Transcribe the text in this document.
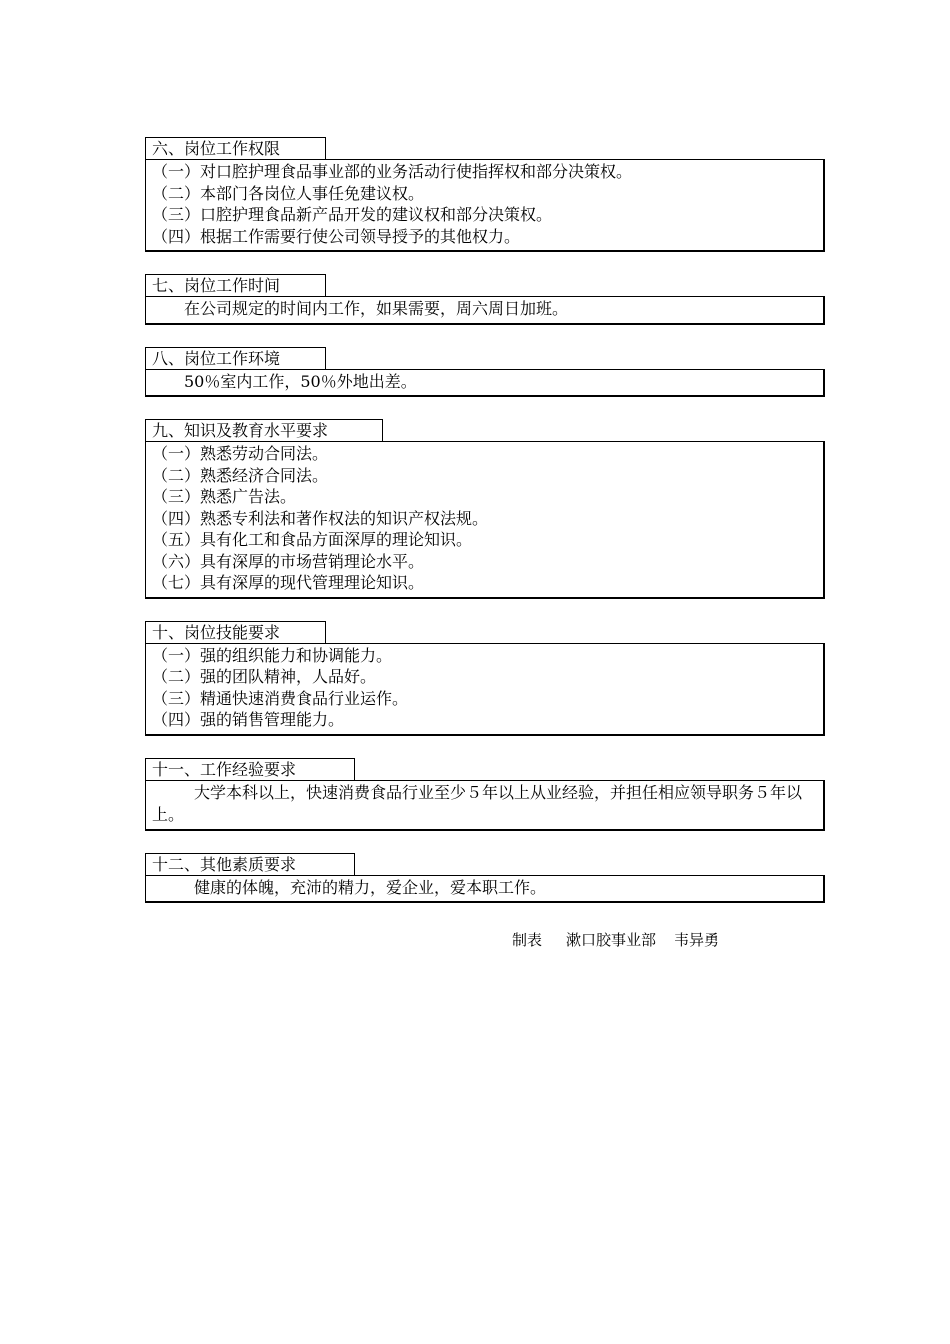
六、岗位工作权限
（一）对口腔护理食品事业部的业务活动行使指挥权和部分决策权。
（二）本部门各岗位人事任免建议权。
（三）口腔护理食品新产品开发的建议权和部分决策权。
（四）根据工作需要行使公司领导授予的其他权力。
七、岗位工作时间
在公司规定的时间内工作，如果需要，周六周日加班。
八、岗位工作环境
50％室内工作，50％外地出差。
九、知识及教育水平要求
（一）熟悉劳动合同法。
（二）熟悉经济合同法。
（三）熟悉广告法。
（四）熟悉专利法和著作权法的知识产权法规。
（五）具有化工和食品方面深厚的理论知识。
（六）具有深厚的市场营销理论水平。
（七）具有深厚的现代管理理论知识。
十、岗位技能要求
（一）强的组织能力和协调能力。
（二）强的团队精神，人品好。
（三）精通快速消费食品行业运作。
（四）强的销售管理能力。
十一、工作经验要求
大学本科以上，快速消费食品行业至少５年以上从业经验，并担任相应领导职务５年以上。
十二、其他素质要求
健康的体魄，充沛的精力，爱企业，爱本职工作。
制表 漱口胶事业部 韦异勇
